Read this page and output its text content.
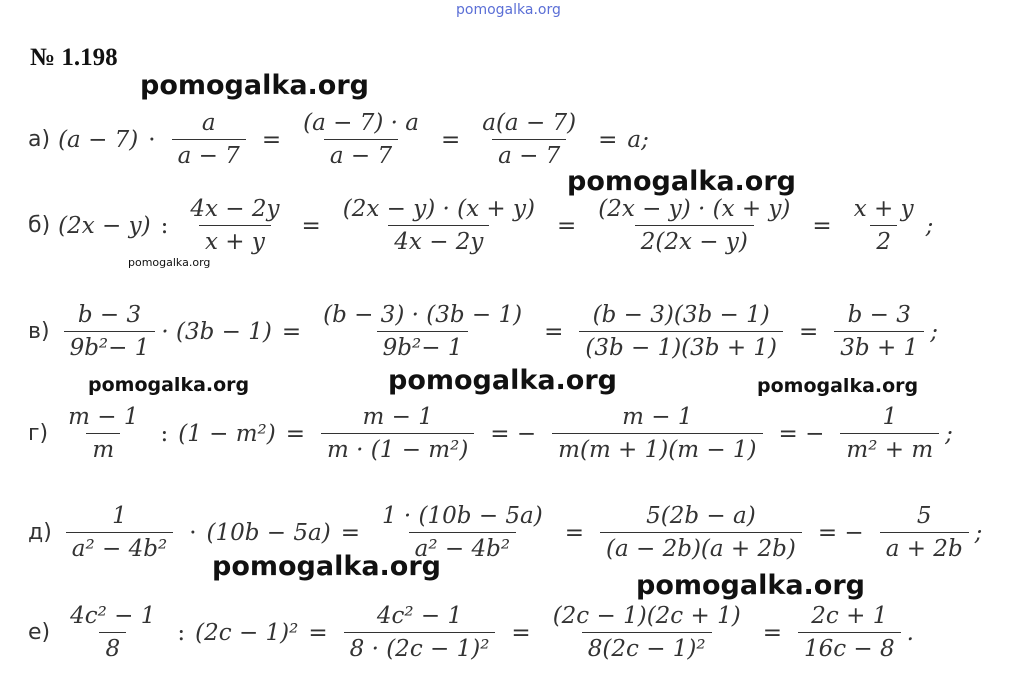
pomogalka.org
№ 1.198
а) $(a - 7) \cdot \frac{a}{a - 7} = \frac{(a - 7) \cdot a}{a - 7} = \frac{a(a - 7)}{a - 7} = a$;
б) (2x − y) : $\frac{4x - 2y}{x + y} = \frac{(2x - y) \cdot (x + y)}{4x - 2y} = \frac{(2x - y) \cdot (x + y)}{2(2x - y)} = \frac{x + y}{2}$ ;
$в) \frac{b - 3}{\text{9b²− 1}} \cdot (3b - 1) = \frac{(b - 3) \cdot (3b - 1)}{\text{9b²− 1}} = \frac{(b - 3)(3b - 1)}{(3b - 1)(3b + 1)} = \frac{b - 3}{3b + 1}$ ;
$г) \frac{m - 1}{m}$ : $(1 - m^2) = \frac{m - 1}{\text{m · (1 − m²)}}$ = − $\frac{m - 1}{m(m + 1)(m - 1)}$ = − $\frac{1}{\text{m² + m}}$ ;
$д) \frac{1}{\text{a² − 4b²}} \cdot (10b - 5a) = \frac{1 \cdot (10b - 5a)}{\text{a² − 4b²}} = \frac{5(2b - a)}{(a - 2b)(a + 2b)}$ = − $\frac{5}{a + 2b}$ ;
$е) \frac{\text{4c² − 1}}{8}$ : $(2c - 1)^2 = \frac{\text{4c² − 1}}{\text{8 · (2c − 1)²}} = \frac{(2c - 1)(2c + 1)}{\text{8(2c − 1)²}} = \frac{2c + 1}{16c - 8}$ .
pomogalka.org
pomogalka.org
pomogalka.org
pomogalka.org	pomogalka.org	pomogalka.org
pomogalka.org
pomogalka.org
